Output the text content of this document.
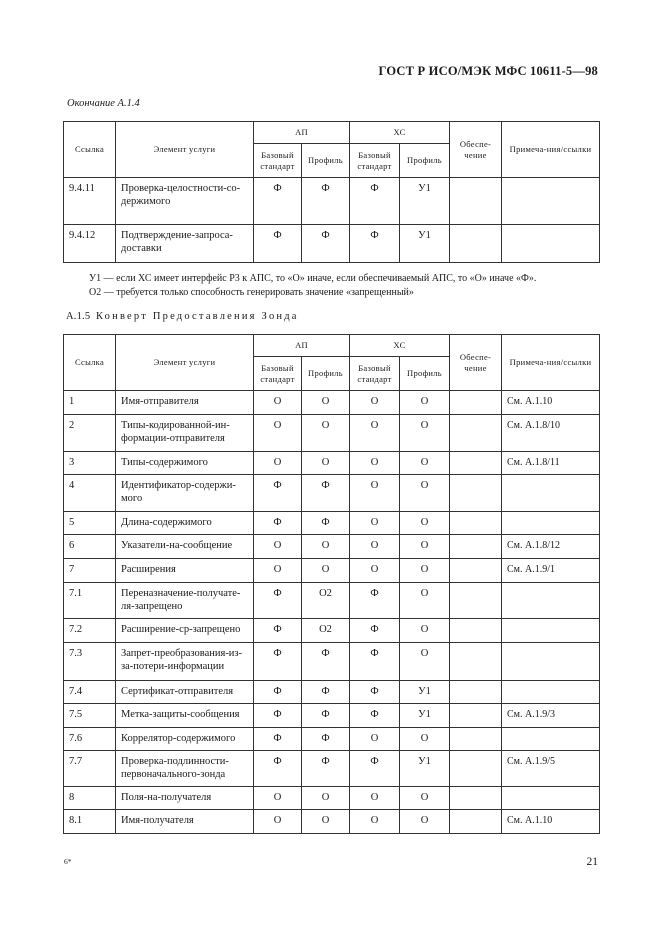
ГОСТ Р ИСО/МЭК МФС 10611-5—98
Окончание А.1.4
Ссылка	Элемент услуги	АП		ХС		Обеспе-чение	Примеча-ния/ссылки
		Базовый стандарт	Профиль	Базовый стандарт	Профиль		
9.4.11	Проверка-целостности-со-держимого	Ф	Ф	Ф	У1		
9.4.12	Подтверждение-запроса-доставки	Ф	Ф	Ф	У1		
У1 — если ХС имеет интерфейс Р3 к АПС, то «О» иначе, если обеспечиваемый АПС, то «О» иначе «Ф».
О2 — требуется только способность генерировать значение «запрещенный»
А.1.5 Конверт Предоставления Зонда
Ссылка	Элемент услуги	АП		ХС		Обеспе-чение	Примеча-ния/ссылки
		Базовый стандарт	Профиль	Базовый стандарт	Профиль		
1	Имя-отправителя	О	О	О	О		См. А.1.10
2	Типы-кодированной-ин-формации-отправителя	О	О	О	О		См. А.1.8/10
3	Типы-содержимого	О	О	О	О		См. А.1.8/11
4	Идентификатор-содержи-мого	Ф	Ф	О	О		
5	Длина-содержимого	Ф	Ф	О	О		
6	Указатели-на-сообщение	О	О	О	О		См. А.1.8/12
7	Расширения	О	О	О	О		См. А.1.9/1
7.1	Переназначение-получате-ля-запрещено	Ф	О2	Ф	О		
7.2	Расширение-ср-запрещено	Ф	О2	Ф	О		
7.3	Запрет-преобразования-из-за-потери-информации	Ф	Ф	Ф	О		
7.4	Сертификат-отправителя	Ф	Ф	Ф	У1		
7.5	Метка-защиты-сообщения	Ф	Ф	Ф	У1		См. А.1.9/3
7.6	Коррелятор-содержимого	Ф	Ф	О	О		
7.7	Проверка-подлинности-первоначального-зонда	Ф	Ф	Ф	У1		См. А.1.9/5
8	Поля-на-получателя	О	О	О	О		
8.1	Имя-получателя	О	О	О	О		См. А.1.10
6*	21
